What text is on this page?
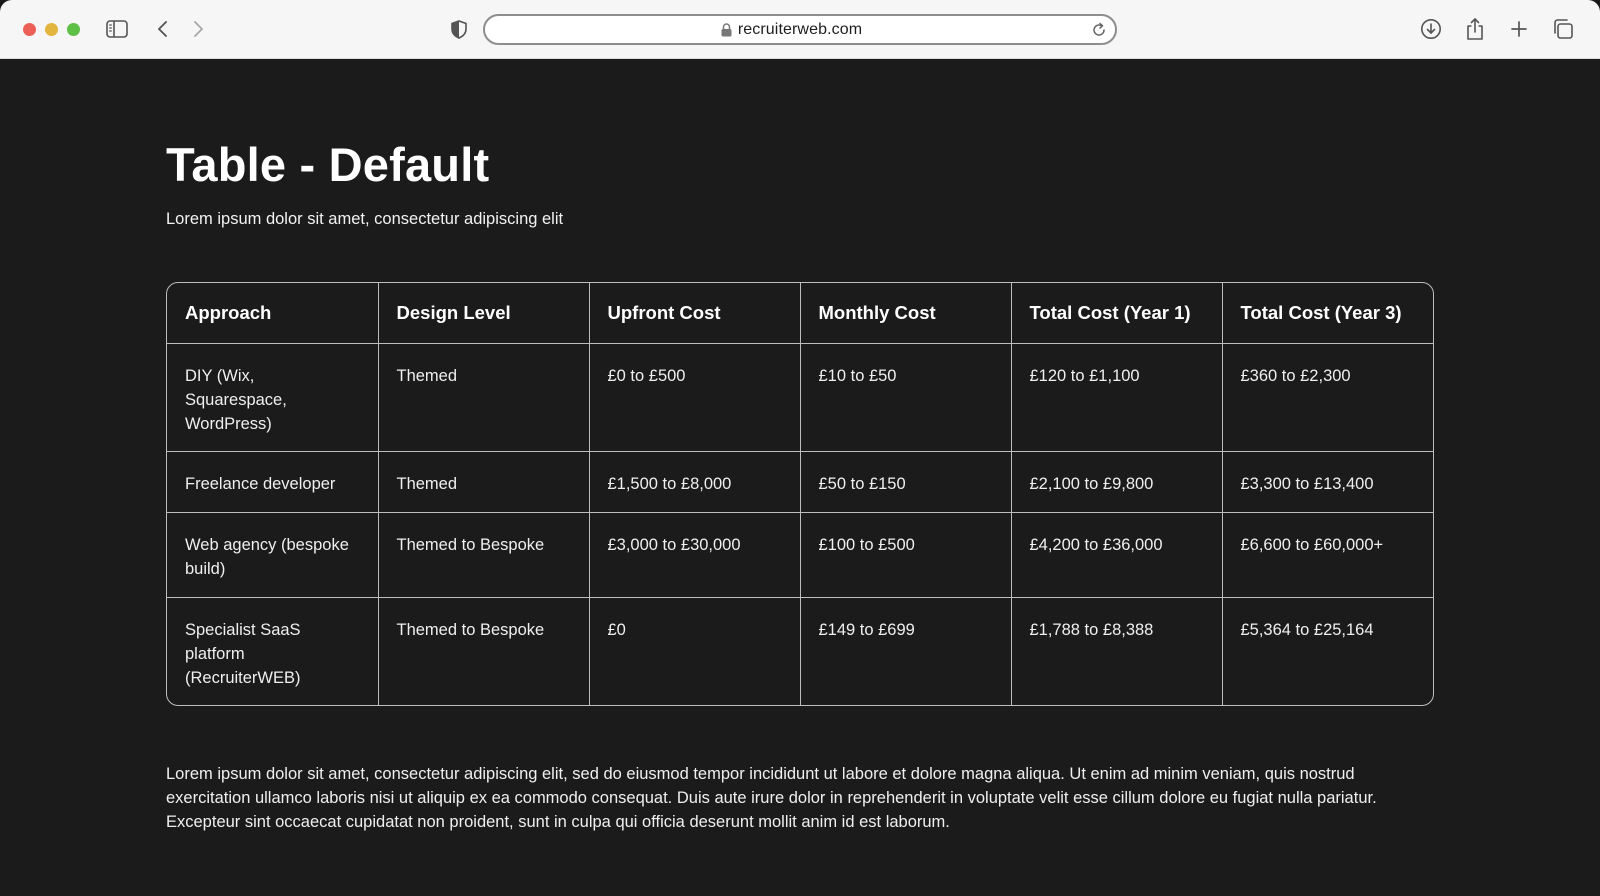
recruiterweb.com
Table - Default
Lorem ipsum dolor sit amet, consectetur adipiscing elit
Approach	Design Level	Upfront Cost	Monthly Cost	Total Cost (Year 1)	Total Cost (Year 3)
DIY (Wix, Squarespace, WordPress)	Themed	£0 to £500	£10 to £50	£120 to £1,100	£360 to £2,300
Freelance developer	Themed	£1,500 to £8,000	£50 to £150	£2,100 to £9,800	£3,300 to £13,400
Web agency (bespoke build)	Themed to Bespoke	£3,000 to £30,000	£100 to £500	£4,200 to £36,000	£6,600 to £60,000+
Specialist SaaS platform (RecruiterWEB)	Themed to Bespoke	£0	£149 to £699	£1,788 to £8,388	£5,364 to £25,164

Lorem ipsum dolor sit amet, consectetur adipiscing elit, sed do eiusmod tempor incididunt ut labore et dolore magna aliqua. Ut enim ad minim veniam, quis nostrud exercitation ullamco laboris nisi ut aliquip ex ea commodo consequat. Duis aute irure dolor in reprehenderit in voluptate velit esse cillum dolore eu fugiat nulla pariatur. Excepteur sint occaecat cupidatat non proident, sunt in culpa qui officia deserunt mollit anim id est laborum.
